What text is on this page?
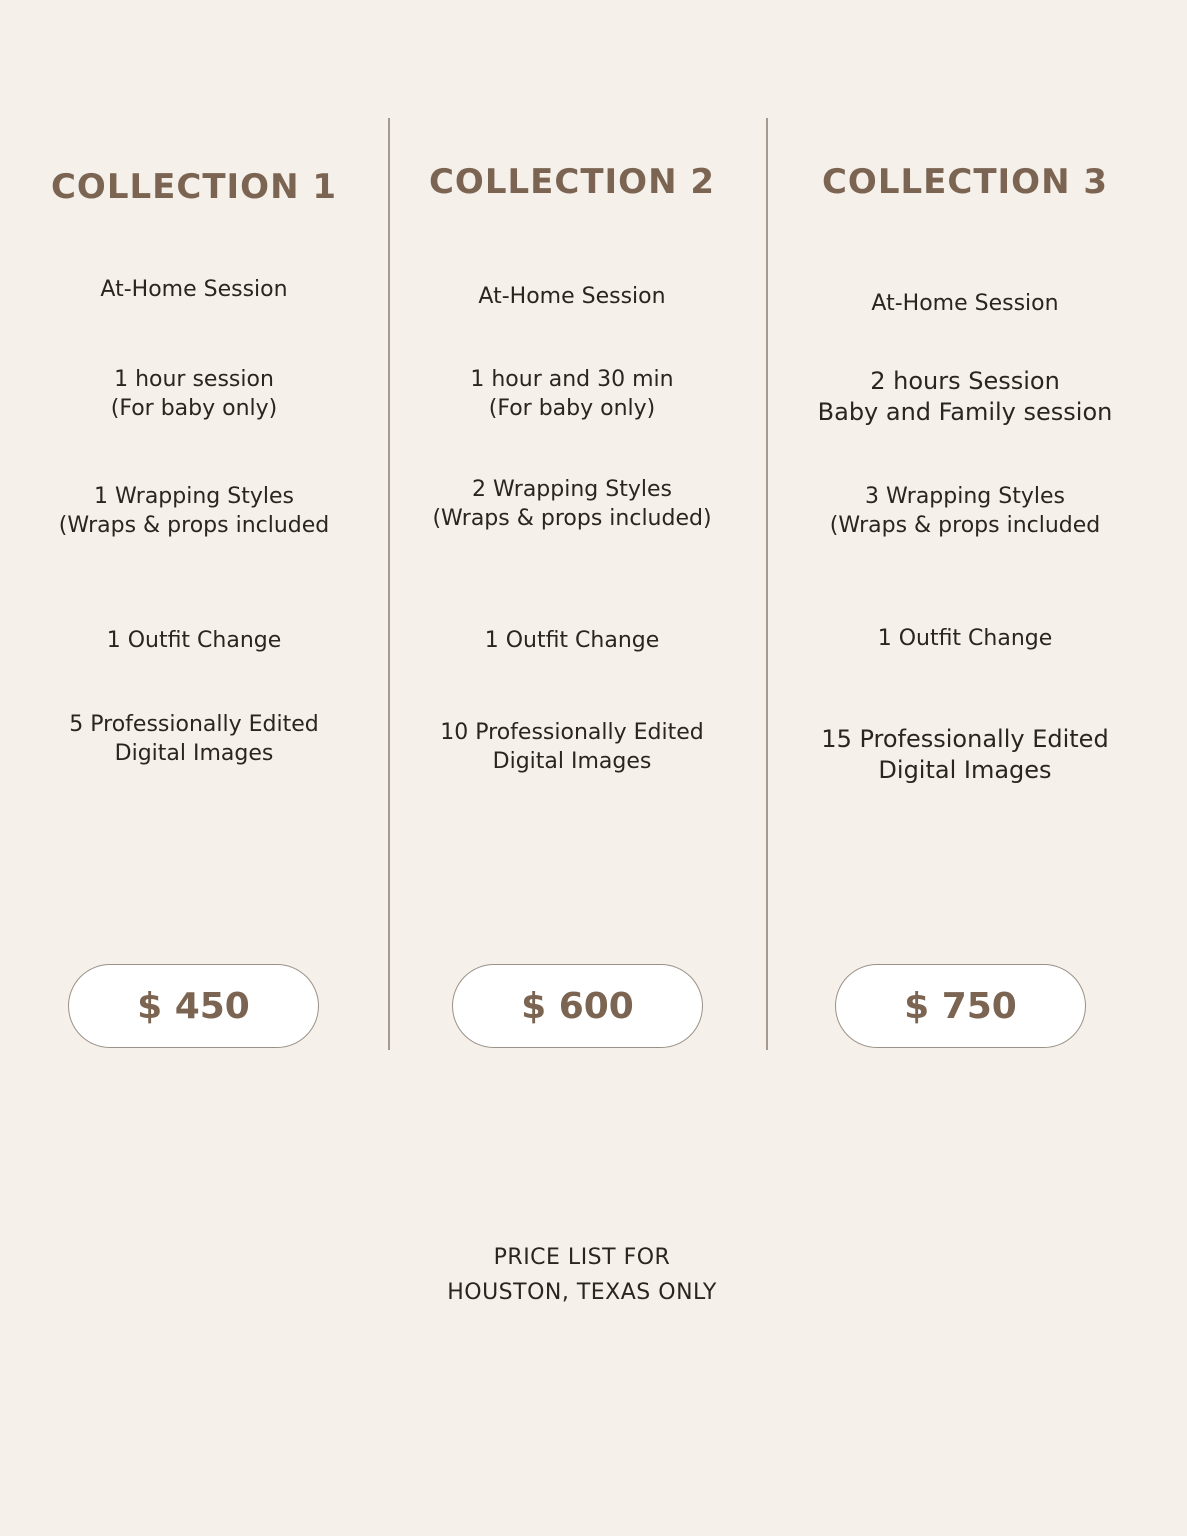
COLLECTION 1
At-Home Session
1 hour session
(For baby only)
1 Wrapping Styles
(Wraps & props included
1 Outfit Change
5 Professionally Edited
Digital Images
$ 450
COLLECTION 2
At-Home Session
1 hour and 30 min
(For baby only)
2 Wrapping Styles
(Wraps & props included)
1 Outfit Change
10 Professionally Edited
Digital Images
$ 600
COLLECTION 3
At-Home Session
2 hours Session
Baby and Family session
3 Wrapping Styles
(Wraps & props included
1 Outfit Change
15 Professionally Edited
Digital Images
$ 750
PRICE LIST FOR
HOUSTON, TEXAS ONLY
